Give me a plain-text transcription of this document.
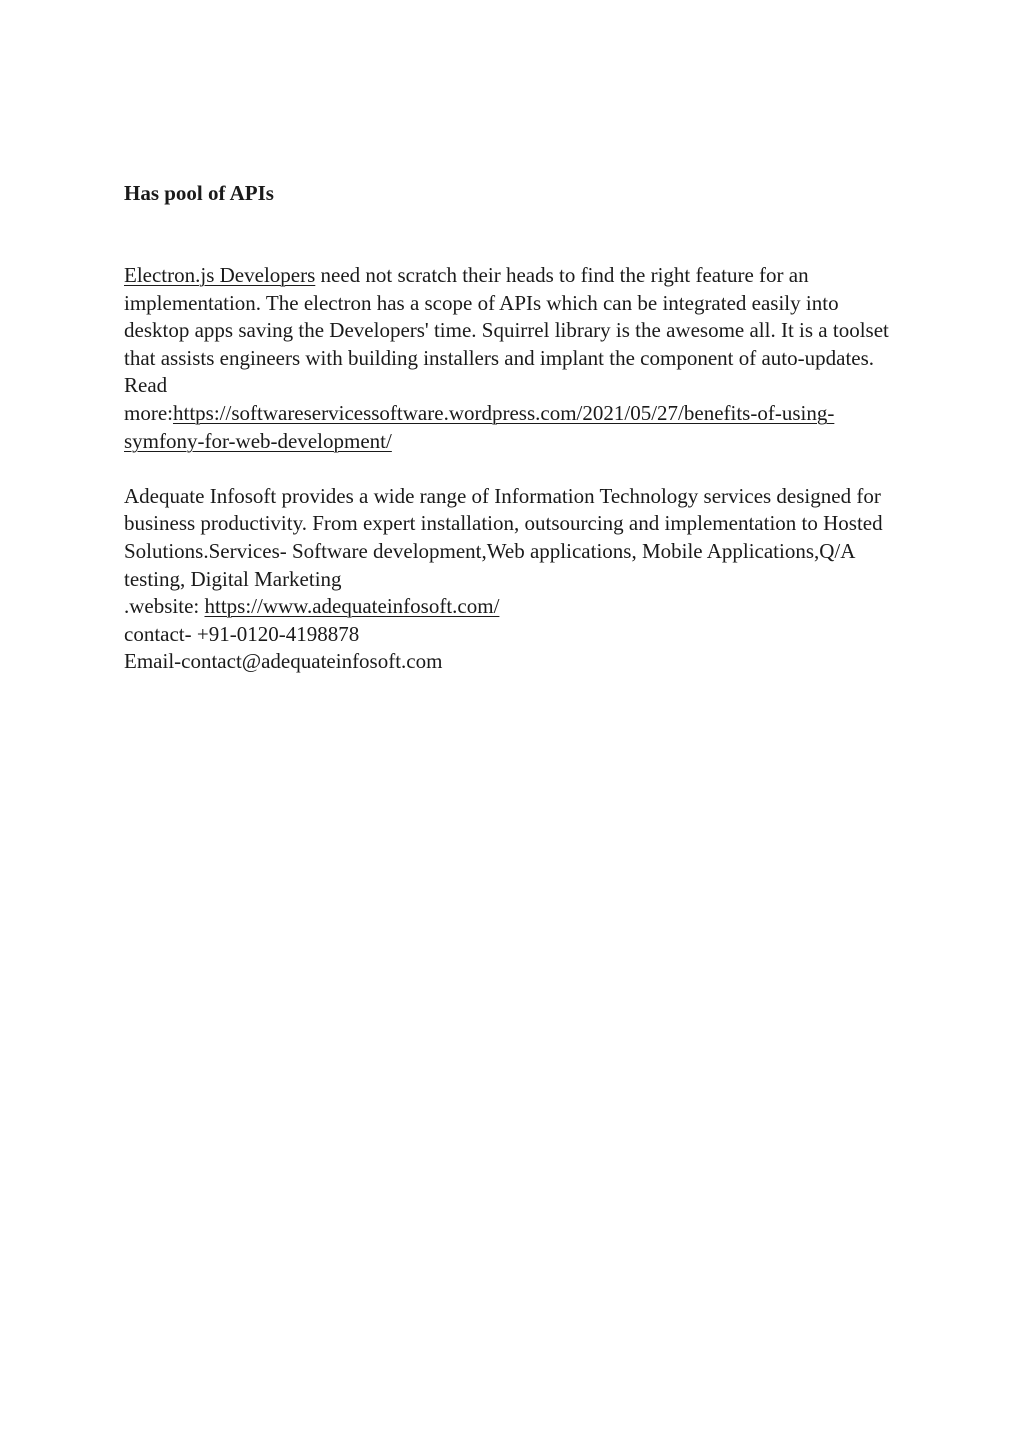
Has pool of APIs

Electron.js Developers need not scratch their heads to find the right feature for an implementation. The electron has a scope of APIs which can be integrated easily into desktop apps saving the Developers' time. Squirrel library is the awesome all. It is a toolset that assists engineers with building installers and implant the component of auto-updates.

Read
more:https://softwareservicessoftware.wordpress.com/2021/05/27/benefits-of-using-symfony-for-web-development/

Adequate Infosoft provides a wide range of Information Technology services designed for business productivity. From expert installation, outsourcing and implementation to Hosted Solutions.Services- Software development,Web applications, Mobile Applications,Q/A testing, Digital Marketing

.website: https://www.adequateinfosoft.com/
contact- +91-0120-4198878
Email-contact@adequateinfosoft.com
